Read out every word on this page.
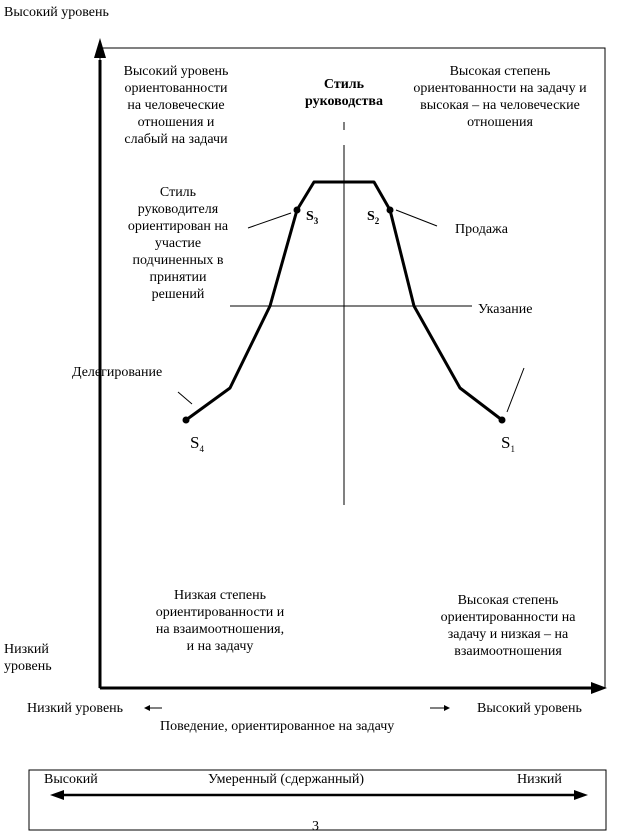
Высокий уровень
Низкий
уровень
Низкий уровень	Высокий уровень
Поведение, ориентированное на задачу
Стиль
руководства
Высокий уровень
ориентованности
на человеческие
отношения и
слабый на задачи
Высокая степень
ориентованности на задачу и
высокая – на человеческие
отношения
Низкая степень
ориентированности и
на взаимоотношения,
и на задачу
Высокая степень
ориентированности на
задачу и низкая – на
взаимоотношения
Стиль
руководителя
ориентирован на
участие
подчиненных в
принятии
решений
Продажа
Указание
Делегирование
$S_3$	$S_2$
$S_4$	$S_1$
Высокий	Умеренный (сдержанный)	Низкий
3
